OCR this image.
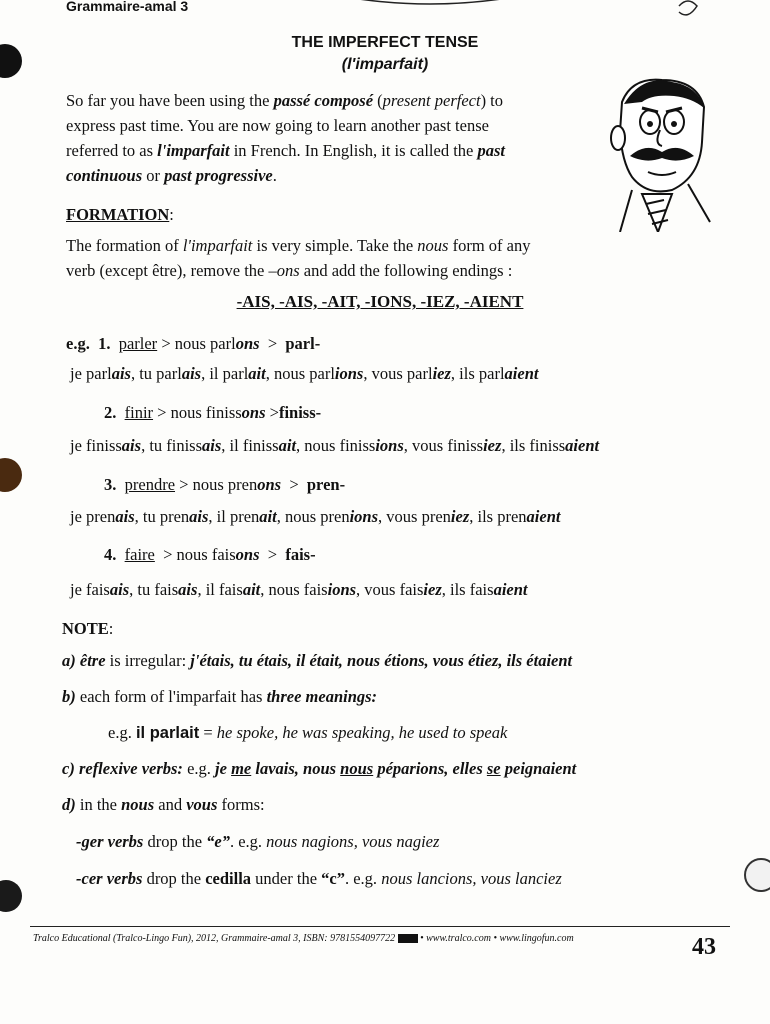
Grammaire-amal 3
THE IMPERFECT TENSE
(l'imparfait)
So far you have been using the passé composé (present perfect) to
express past time. You are now going to learn another past tense
referred to as l'imparfait in French. In English, it is called the past
continuous or past progressive.
FORMATION:
The formation of l'imparfait is very simple. Take the nous form of any
verb (except être), remove the –ons and add the following endings :
-AIS, -AIS, -AIT, -IONS, -IEZ, -AIENT
e.g. 1. parler > nous parlons > parl-
je parlais, tu parlais, il parlait, nous parlions, vous parliez, ils parlaient
2. finir > nous finissons >finiss-
je finissais, tu finissais, il finissait, nous finissions, vous finissiez, ils finissaient
3. prendre > nous prenons > pren-
je prenais, tu prenais, il prenait, nous prenions, vous preniez, ils prenaient
4. faire > nous faisons > fais-
je faisais, tu faisais, il faisait, nous faisions, vous faisiez, ils faisaient
NOTE:
a) être is irregular: j'étais, tu étais, il était, nous étions, vous étiez, ils étaient
b) each form of l'imparfait has three meanings:
e.g. il parlait = he spoke, he was speaking, he used to speak
c) reflexive verbs: e.g. je me lavais, nous nous péparions, elles se peignaient
d) in the nous and vous forms:
-ger verbs drop the “e”. e.g. nous nagions, vous nagiez
-cer verbs drop the cedilla under the “c”. e.g. nous lancions, vous lanciez
Tralco Educational (Tralco-Lingo Fun), 2012, Grammaire-amal 3, ISBN: 9781554097722	• www.tralco.com • www.lingofun.com	43
